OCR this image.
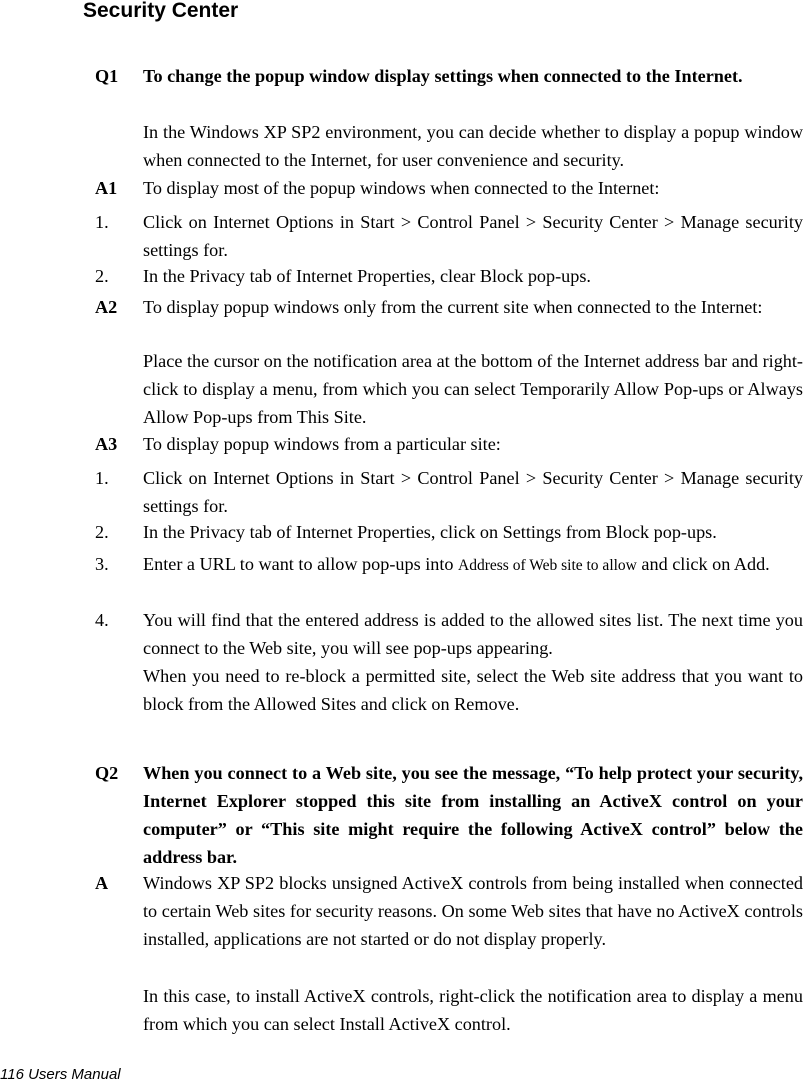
Security Center
Q1	To change the popup window display settings when connected to the Internet.
In the Windows XP SP2 environment, you can decide whether to display a popup window when connected to the Internet, for user convenience and security.
A1	To display most of the popup windows when connected to the Internet:
1.	Click on Internet Options in Start > Control Panel > Security Center > Manage security settings for.
2.	In the Privacy tab of Internet Properties, clear Block pop-ups.
A2	To display popup windows only from the current site when connected to the Internet:
Place the cursor on the notification area at the bottom of the Internet address bar and right-click to display a menu, from which you can select Temporarily Allow Pop-ups or Always Allow Pop-ups from This Site.
A3	To display popup windows from a particular site:
1.	Click on Internet Options in Start > Control Panel > Security Center > Manage security settings for.
2.	In the Privacy tab of Internet Properties, click on Settings from Block pop-ups.
3.	Enter a URL to want to allow pop-ups into Address of Web site to allow and click on Add.
4.	You will find that the entered address is added to the allowed sites list. The next time you connect to the Web site, you will see pop-ups appearing.
When you need to re-block a permitted site, select the Web site address that you want to block from the Allowed Sites and click on Remove.
Q2	When you connect to a Web site, you see the message, “To help protect your security, Internet Explorer stopped this site from installing an ActiveX control on your computer” or “This site might require the following ActiveX control” below the address bar.
A	Windows XP SP2 blocks unsigned ActiveX controls from being installed when connected to certain Web sites for security reasons. On some Web sites that have no ActiveX controls installed, applications are not started or do not display properly.
In this case, to install ActiveX controls, right-click the notification area to display a menu from which you can select Install ActiveX control.
116 Users Manual
